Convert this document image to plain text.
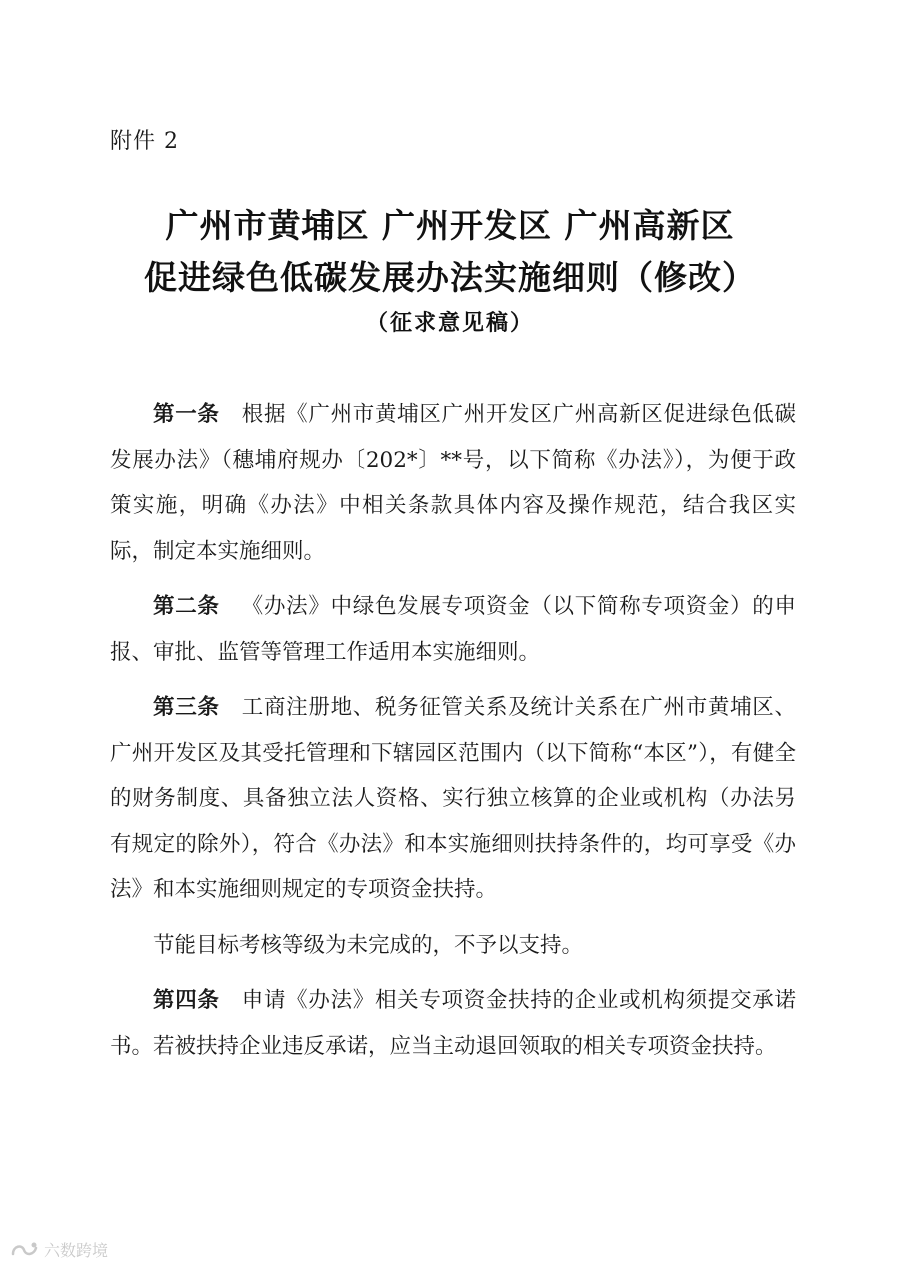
附件 2
广州市黄埔区 广州开发区 广州高新区
促进绿色低碳发展办法实施细则（修改）
（征求意见稿）

第一条  根据《广州市黄埔区广州开发区广州高新区促进绿色低碳发展办法》（穗埔府规办〔202*〕**号，以下简称《办法》），为便于政策实施，明确《办法》中相关条款具体内容及操作规范，结合我区实际，制定本实施细则。

第二条  《办法》中绿色发展专项资金（以下简称专项资金）的申报、审批、监管等管理工作适用本实施细则。

第三条  工商注册地、税务征管关系及统计关系在广州市黄埔区、广州开发区及其受托管理和下辖园区范围内（以下简称“本区”），有健全的财务制度、具备独立法人资格、实行独立核算的企业或机构（办法另有规定的除外），符合《办法》和本实施细则扶持条件的，均可享受《办法》和本实施细则规定的专项资金扶持。

节能目标考核等级为未完成的，不予以支持。

第四条  申请《办法》相关专项资金扶持的企业或机构须提交承诺书。若被扶持企业违反承诺，应当主动退回领取的相关专项资金扶持。

六数跨境
